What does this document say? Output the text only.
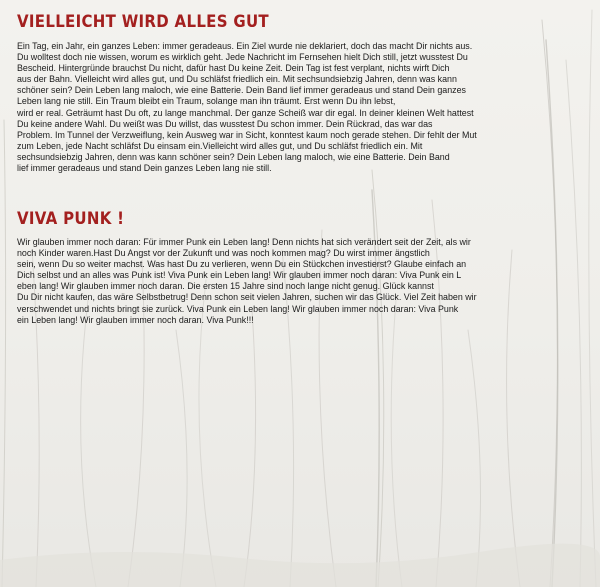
VIELLEICHT WIRD ALLES GUT
Ein Tag, ein Jahr, ein ganzes Leben: immer geradeaus. Ein Ziel wurde nie deklariert, doch das macht Dir nichts aus.
Du wolltest doch nie wissen, worum es wirklich geht. Jede Nachricht im Fernsehen hielt Dich still, jetzt wusstest Du
Bescheid. Hintergründe brauchst Du nicht, dafür hast Du keine Zeit. Dein Tag ist fest verplant, nichts wirft Dich
aus der Bahn. Vielleicht wird alles gut, und Du schläfst friedlich ein. Mit sechsundsiebzig Jahren, denn was kann
schöner sein? Dein Leben lang maloch, wie eine Batterie. Dein Band lief immer geradeaus und stand Dein ganzes
Leben lang nie still. Ein Traum bleibt ein Traum, solange man ihn träumt. Erst wenn Du ihn lebst,
wird er real. Geträumt hast Du oft, zu lange manchmal. Der ganze Scheiß war dir egal. In deiner kleinen Welt hattest
Du keine andere Wahl. Du weißt was Du willst, das wusstest Du schon immer. Dein Rückrad, das war das
Problem. Im Tunnel der Verzweiflung, kein Ausweg war in Sicht, konntest kaum noch gerade stehen. Dir fehlt der Mut
zum Leben, jede Nacht schläfst Du einsam ein.Vielleicht wird alles gut, und Du schläfst friedlich ein. Mit
sechsundsiebzig Jahren, denn was kann schöner sein? Dein Leben lang maloch, wie eine Batterie. Dein Band
lief immer geradeaus und stand Dein ganzes Leben lang nie still.
VIVA PUNK !
Wir glauben immer noch daran: Für immer Punk ein Leben lang! Denn nichts hat sich verändert seit der Zeit, als wir
noch Kinder waren.Hast Du Angst vor der Zukunft und was noch kommen mag? Du wirst immer ängstlich
sein, wenn Du so weiter machst. Was hast Du zu verlieren, wenn Du ein Stückchen investierst? Glaube einfach an
Dich selbst und an alles was Punk ist! Viva Punk ein Leben lang! Wir glauben immer noch daran: Viva Punk ein L
eben lang! Wir glauben immer noch daran. Die ersten 15 Jahre sind noch lange nicht genug. Glück kannst
Du Dir nicht kaufen, das wäre Selbstbetrug! Denn schon seit vielen Jahren, suchen wir das Glück. Viel Zeit haben wir
verschwendet und nichts bringt sie zurück. Viva Punk ein Leben lang! Wir glauben immer noch daran: Viva Punk
ein Leben lang! Wir glauben immer noch daran. Viva Punk!!!
